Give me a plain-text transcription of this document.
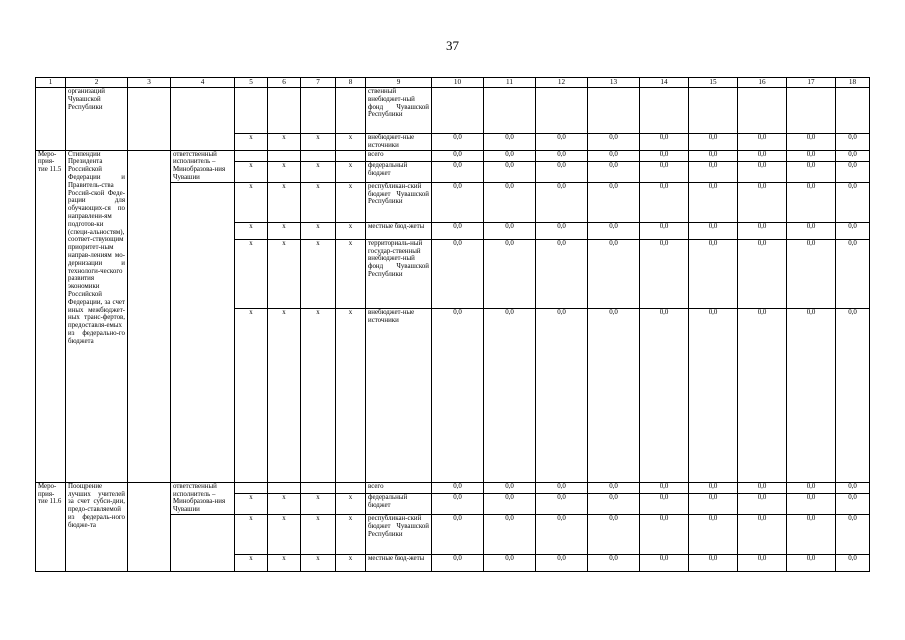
37
1	2	3	4	5	6	7	8	9	10	11	12	13	14	15	16	17	18
	организаций Чувашской Республики							ственный внебюджет-ный фонд Чувашской Республики									
				x	x	x	x	внебюджет-ные источники	0,0	0,0	0,0	0,0	0,0	0,0	0,0	0,0	0,0
Меро-прия-тие 11.5	Стипендии Президента Российской Федерации и Правитель-ства Россий-ской Феде-рации для обучающих-ся по направлени-ям подготов-ки (специ-альностям), соответ-ствующим приоритет-ным направ-лениям мо-дернизации и технологи-ческого развития экономики Российской Федерации, за счет иных межбюджет-ных транс-фертов, предоставля-емых из федерально-го бюджета		ответственный исполнитель – Минобразова-ния Чувашии					всего	0,0	0,0	0,0	0,0	0,0	0,0	0,0	0,0	0,0
				x	x	x	x	федеральный бюджет	0,0	0,0	0,0	0,0	0,0	0,0	0,0	0,0	0,0
				x	x	x	x	республикан-ский бюджет Чувашской Республики	0,0	0,0	0,0	0,0	0,0	0,0	0,0	0,0	0,0
				x	x	x	x	местные бюд-жеты	0,0	0,0	0,0	0,0	0,0	0,0	0,0	0,0	0,0
				x	x	x	x	территориаль-ный государ-ственный внебюджет-ный фонд Чувашской Республики	0,0	0,0	0,0	0,0	0,0	0,0	0,0	0,0	0,0
				x	x	x	x	внебюджет-ные источники	0,0	0,0	0,0	0,0	0,0	0,0	0,0	0,0	0,0
Меро-прия-тие 11.6	Поощрение лучших учителей за счет субси-дии, предо-ставляемой из федераль-ного бюдже-та		ответственный исполнитель – Минобразова-ния Чувашии					всего	0,0	0,0	0,0	0,0	0,0	0,0	0,0	0,0	0,0
				x	x	x	x	федеральный бюджет	0,0	0,0	0,0	0,0	0,0	0,0	0,0	0,0	0,0
				x	x	x	x	республикан-ский бюджет Чувашской Республики	0,0	0,0	0,0	0,0	0,0	0,0	0,0	0,0	0,0
				x	x	x	x	местные бюд-жеты	0,0	0,0	0,0	0,0	0,0	0,0	0,0	0,0	0,0
